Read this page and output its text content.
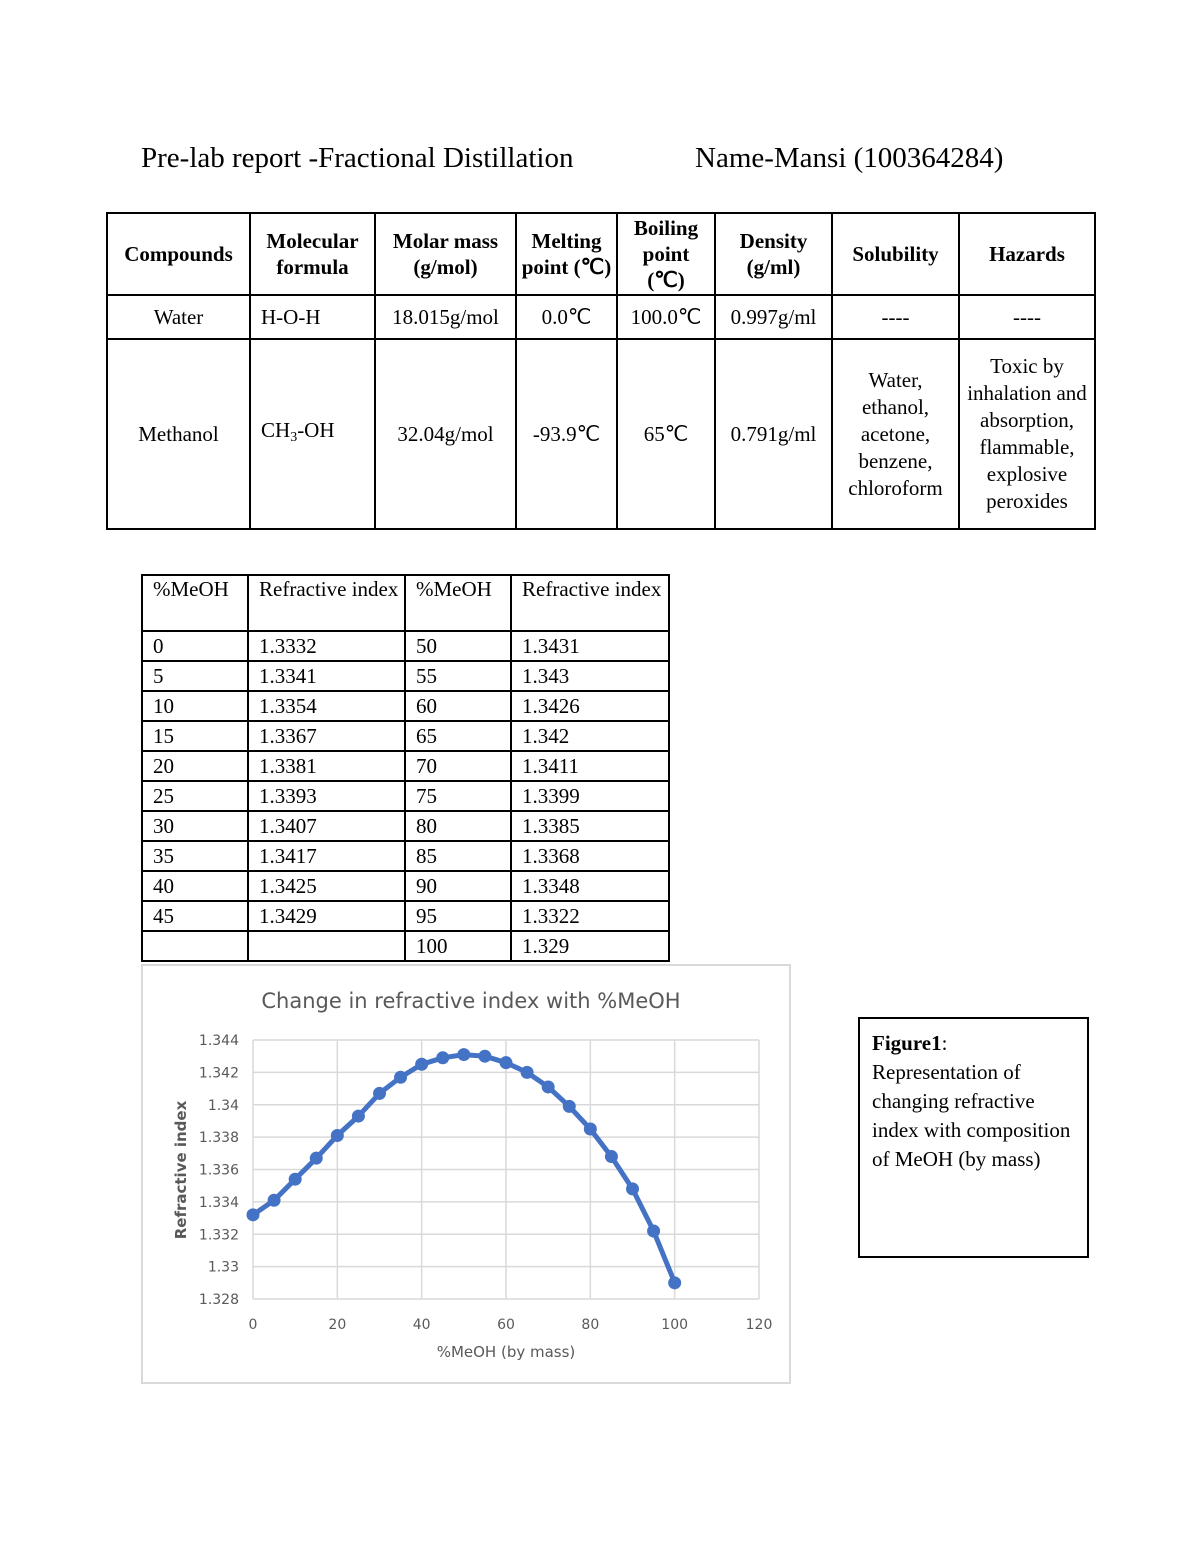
Pre-lab report -Fractional Distillation	Name-Mansi (100364284)
Compounds	Molecular formula	Molar mass (g/mol)	Melting point (℃)	Boiling point (℃)	Density (g/ml)	Solubility	Hazards
Water	H-O-H	18.015g/mol	0.0℃	100.0℃	0.997g/ml	----	----
Methanol	$CH_3-OH$	32.04g/mol	-93.9℃	65℃	0.791g/ml	Water, ethanol, acetone, benzene, chloroform	Toxic by inhalation and absorption, flammable, explosive peroxides
%MeOH	Refractive index	%MeOH	Refractive index
0	1.3332	50	1.3431
5	1.3341	55	1.343
10	1.3354	60	1.3426
15	1.3367	65	1.342
20	1.3381	70	1.3411
25	1.3393	75	1.3399
30	1.3407	80	1.3385
35	1.3417	85	1.3368
40	1.3425	90	1.3348
45	1.3429	95	1.3322
		100	1.329
Change in refractive index with %MeOH
1.328
1.33
1.332
1.334
1.336
1.338
1.34
1.342
1.344
0	20	40	60	80	100	120
%MeOH (by mass)
Refractive index
Figure1: Representation of changing refractive index with composition of MeOH (by mass)
